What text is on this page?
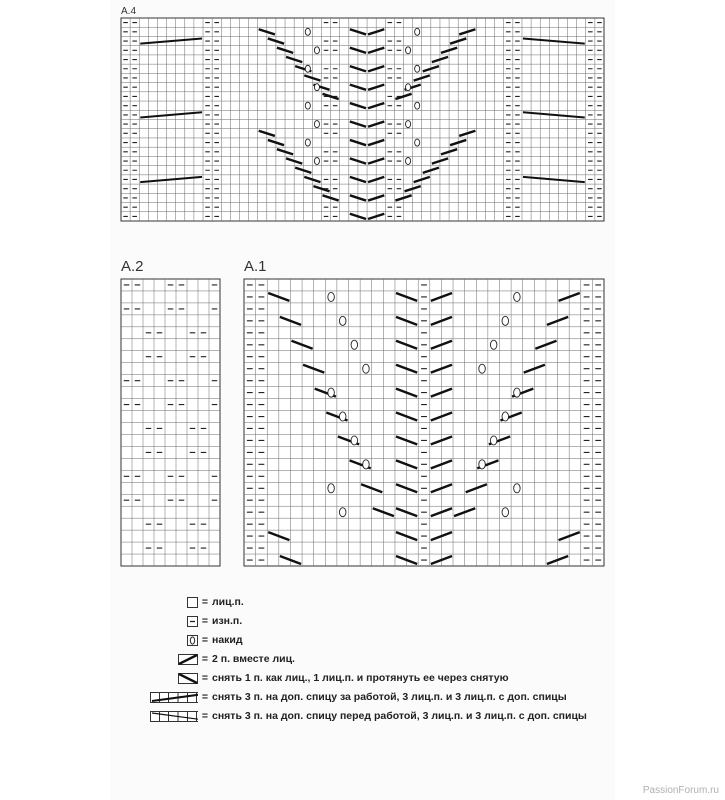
A.4
A.2	A.1
= лиц.п.
= изн.п.
= накид
= 2 п. вместе лиц.
= снять 1 п. как лиц., 1 лиц.п. и протянуть ее через снятую
= снять 3 п. на доп. спицу за работой, 3 лиц.п. и 3 лиц.п. с доп. спицы
= снять 3 п. на доп. спицу перед работой, 3 лиц.п. и 3 лиц.п. с доп. спицы
PassionForum.ru
